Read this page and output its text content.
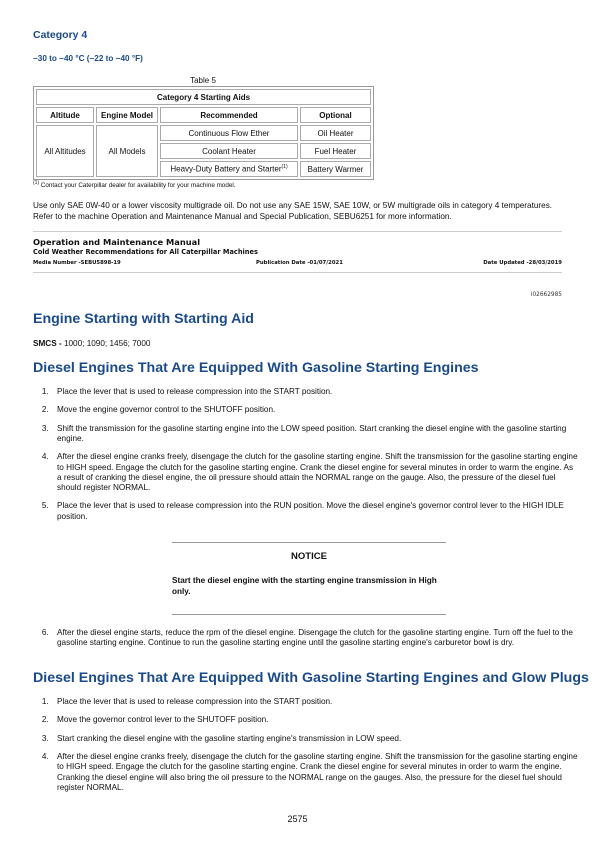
Category 4
−30 to −40 °C (−22 to −40 °F)
Table 5
Category 4 Starting Aids			
Altitude	Engine Model	Recommended	Optional
All Altitudes	All Models	Continuous Flow Ether	Oil Heater
		Coolant Heater	Fuel Heater
		Heavy-Duty Battery and Starter$^{(1)}$	Battery Warmer
$^{(1)}$ Contact your Caterpillar dealer for availability for your machine model.
Use only SAE 0W-40 or a lower viscosity multigrade oil. Do not use any SAE 15W, SAE 10W, or 5W multigrade oils in category 4 temperatures. Refer to the machine Operation and Maintenance Manual and Special Publication, SEBU6251 for more information.
Operation and Maintenance Manual
Cold Weather Recommendations for All Caterpillar Machines
Media Number -SEBU5898-19	Publication Date -01/07/2021	Date Updated -28/03/2019
i02662985
Engine Starting with Starting Aid
SMCS - 1000; 1090; 1456; 7000
Diesel Engines That Are Equipped With Gasoline Starting Engines
1. Place the lever that is used to release compression into the START position.
2. Move the engine governor control to the SHUTOFF position.
3. Shift the transmission for the gasoline starting engine into the LOW speed position. Start cranking the diesel engine with the gasoline starting engine.
4. After the diesel engine cranks freely, disengage the clutch for the gasoline starting engine. Shift the transmission for the gasoline starting engine to HIGH speed. Engage the clutch for the gasoline starting engine. Crank the diesel engine for several minutes in order to warm the engine. As a result of cranking the diesel engine, the oil pressure should attain the NORMAL range on the gauge. Also, the pressure of the diesel fuel should register NORMAL.
5. Place the lever that is used to release compression into the RUN position. Move the diesel engine's governor control lever to the HIGH IDLE position.
NOTICE
Start the diesel engine with the starting engine transmission in High only.
6. After the diesel engine starts, reduce the rpm of the diesel engine. Disengage the clutch for the gasoline starting engine. Turn off the fuel to the gasoline starting engine. Continue to run the gasoline starting engine until the gasoline starting engine's carburetor bowl is dry.
Diesel Engines That Are Equipped With Gasoline Starting Engines and Glow Plugs
1. Place the lever that is used to release compression into the START position.
2. Move the governor control lever to the SHUTOFF position.
3. Start cranking the diesel engine with the gasoline starting engine's transmission in LOW speed.
4. After the diesel engine cranks freely, disengage the clutch for the gasoline starting engine. Shift the transmission for the gasoline starting engine to HIGH speed. Engage the clutch for the gasoline starting engine. Crank the diesel engine for several minutes in order to warm the engine. Cranking the diesel engine will also bring the oil pressure to the NORMAL range on the gauges. Also, the pressure for the diesel fuel should register NORMAL.
2575
